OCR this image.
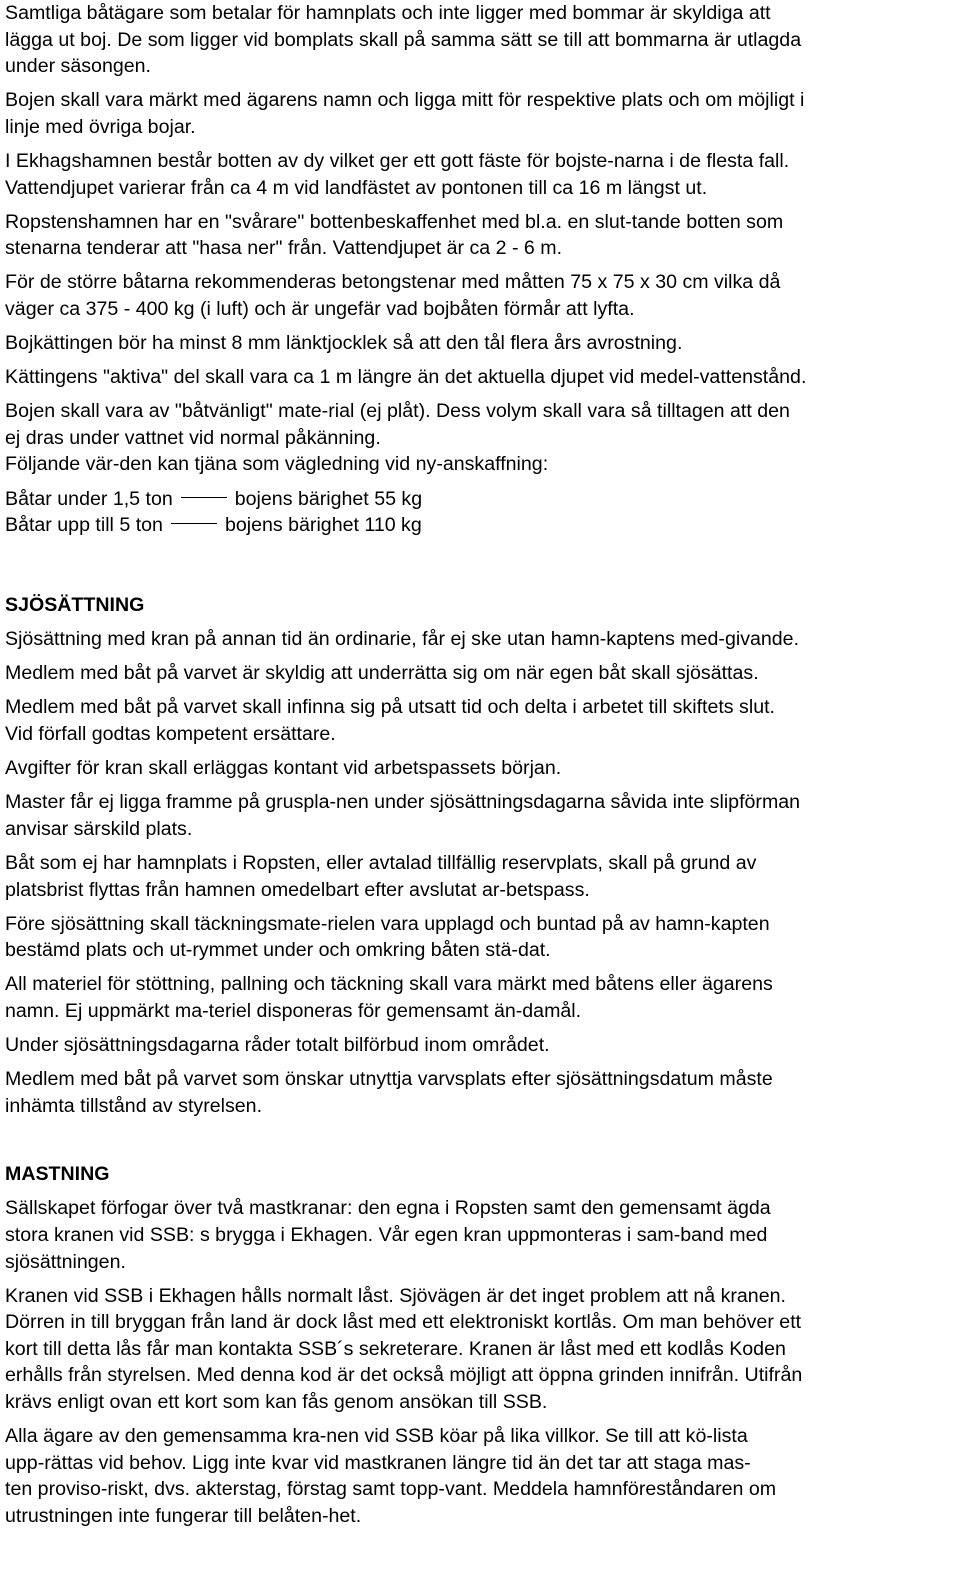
Samtliga båtägare som betalar för hamnplats och inte ligger med bommar är skyldiga att
lägga ut boj. De som ligger vid bomplats skall på samma sätt se till att bommarna är utlagda
under säsongen.

Bojen skall vara märkt med ägarens namn och ligga mitt för respektive plats och om möjligt i
linje med övriga bojar.

I Ekhagshamnen består botten av dy vilket ger ett gott fäste för bojste-narna i de flesta fall.
Vattendjupet varierar från ca 4 m vid landfästet av pontonen till ca 16 m längst ut.

Ropstenshamnen har en "svårare" bottenbeskaffenhet med bl.a. en slut-tande botten som
stenarna tenderar att "hasa ner" från. Vattendjupet är ca 2 - 6 m.

För de större båtarna rekommenderas betongstenar med måtten 75 x 75 x 30 cm vilka då
väger ca 375 - 400 kg (i luft) och är ungefär vad bojbåten förmår att lyfta.

Bojkättingen bör ha minst 8 mm länktjocklek så att den tål flera års avrostning.

Kättingens "aktiva" del skall vara ca 1 m längre än det aktuella djupet vid medel-vattenstånd.

Bojen skall vara av "båtvänligt" mate-rial (ej plåt). Dess volym skall vara så tilltagen att den
ej dras under vattnet vid normal påkänning.

Följande vär-den kan tjäna som vägledning vid ny-anskaffning:

Båtar under 1,5 ton	bojens bärighet 55 kg
Båtar upp till 5 ton	bojens bärighet 110 kg
SJÖSÄTTNING

Sjösättning med kran på annan tid än ordinarie, får ej ske utan hamn-kaptens med-givande.

Medlem med båt på varvet är skyldig att underrätta sig om när egen båt skall sjösättas.

Medlem med båt på varvet skall infinna sig på utsatt tid och delta i arbetet till skiftets slut.
Vid förfall godtas kompetent ersättare.

Avgifter för kran skall erläggas kontant vid arbetspassets början.

Master får ej ligga framme på gruspla-nen under sjösättningsdagarna såvida inte slipförman
anvisar särskild plats.

Båt som ej har hamnplats i Ropsten, eller avtalad tillfällig reservplats, skall på grund av
platsbrist flyttas från hamnen omedelbart efter avslutat ar-betspass.

Före sjösättning skall täckningsmate-rielen vara upplagd och buntad på av hamn-kapten
bestämd plats och ut-rymmet under och omkring båten stä-dat.

All materiel för stöttning, pallning och täckning skall vara märkt med båtens eller ägarens
namn. Ej uppmärkt ma-teriel disponeras för gemensamt än-damål.

Under sjösättningsdagarna råder totalt bilförbud inom området.

Medlem med båt på varvet som önskar utnyttja varvsplats efter sjösättningsdatum måste
inhämta tillstånd av styrelsen.

MASTNING

Sällskapet förfogar över två mastkranar: den egna i Ropsten samt den gemensamt ägda
stora kranen vid SSB: s brygga i Ekhagen. Vår egen kran uppmonteras i sam-band med
sjösättningen.

Kranen vid SSB i Ekhagen hålls normalt låst. Sjövägen är det inget problem att nå kranen.
Dörren in till bryggan från land är dock låst med ett elektroniskt kortlås. Om man behöver ett
kort till detta lås får man kontakta SSB´s sekreterare. Kranen är låst med ett kodlås Koden
erhålls från styrelsen. Med denna kod är det också möjligt att öppna grinden innifrån. Utifrån
krävs enligt ovan ett kort som kan fås genom ansökan till SSB.

Alla ägare av den gemensamma kra-nen vid SSB köar på lika villkor. Se till att kö-lista
upp-rättas vid behov. Ligg inte kvar vid mastkranen längre tid än det tar att staga mas-
ten proviso-riskt, dvs. akterstag, förstag samt topp-vant. Meddela hamnföreståndaren om
utrustningen inte fungerar till belåten-het.
